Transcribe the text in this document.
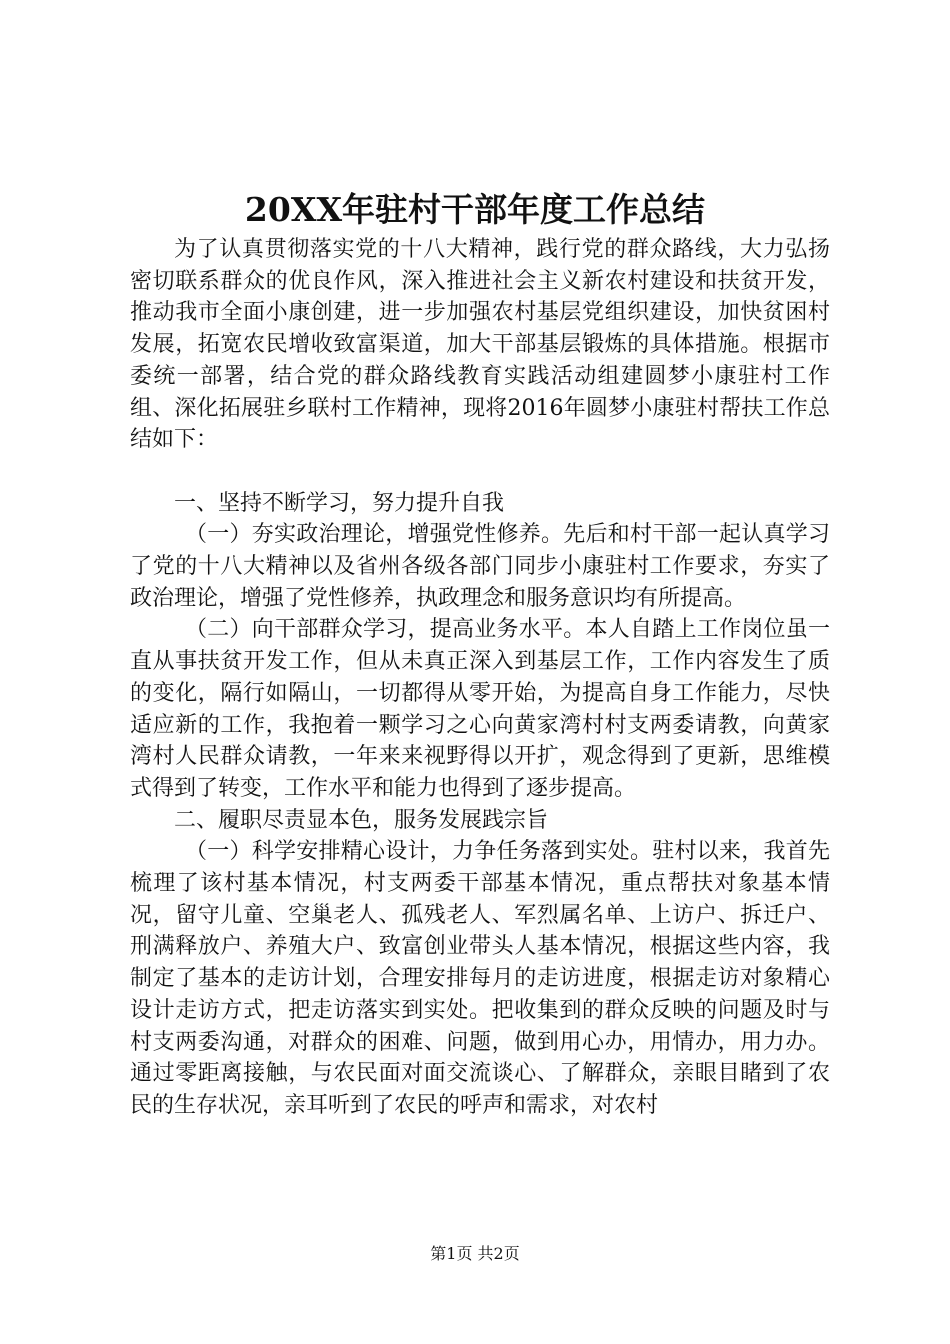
20XX年驻村干部年度工作总结

为了认真贯彻落实党的十八大精神，践行党的群众路线，大力弘扬密切联系群众的优良作风，深入推进社会主义新农村建设和扶贫开发，推动我市全面小康创建，进一步加强农村基层党组织建设，加快贫困村发展，拓宽农民增收致富渠道，加大干部基层锻炼的具体措施。根据市委统一部署，结合党的群众路线教育实践活动组建圆梦小康驻村工作组、深化拓展驻乡联村工作精神，现将2016年圆梦小康驻村帮扶工作总结如下：

一、坚持不断学习，努力提升自我

（一）夯实政治理论，增强党性修养。先后和村干部一起认真学习了党的十八大精神以及省州各级各部门同步小康驻村工作要求，夯实了政治理论，增强了党性修养，执政理念和服务意识均有所提高。

（二）向干部群众学习，提高业务水平。本人自踏上工作岗位虽一直从事扶贫开发工作，但从未真正深入到基层工作，工作内容发生了质的变化，隔行如隔山，一切都得从零开始，为提高自身工作能力，尽快适应新的工作，我抱着一颗学习之心向黄家湾村村支两委请教，向黄家湾村人民群众请教，一年来来视野得以开扩，观念得到了更新，思维模式得到了转变，工作水平和能力也得到了逐步提高。

二、履职尽责显本色，服务发展践宗旨

（一）科学安排精心设计，力争任务落到实处。驻村以来，我首先梳理了该村基本情况，村支两委干部基本情况，重点帮扶对象基本情况，留守儿童、空巢老人、孤残老人、军烈属名单、上访户、拆迁户、刑满释放户、养殖大户、致富创业带头人基本情况，根据这些内容，我制定了基本的走访计划，合理安排每月的走访进度，根据走访对象精心设计走访方式，把走访落实到实处。把收集到的群众反映的问题及时与村支两委沟通，对群众的困难、问题，做到用心办，用情办，用力办。通过零距离接触，与农民面对面交流谈心、了解群众，亲眼目睹到了农民的生存状况，亲耳听到了农民的呼声和需求，对农村

第1页 共2页
